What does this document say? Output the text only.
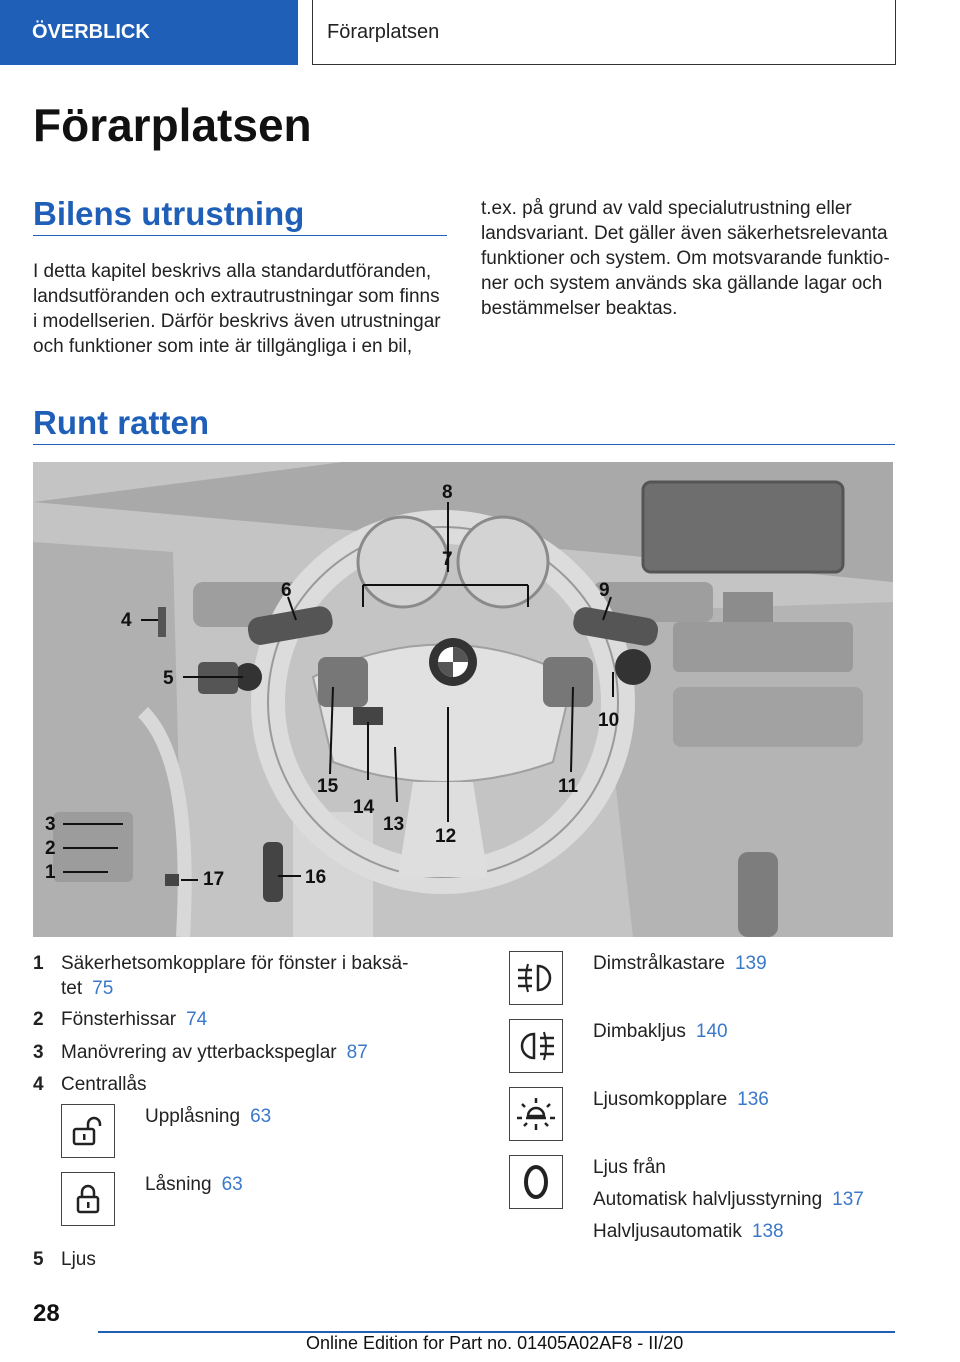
ÖVERBLICK	Förarplatsen
Förarplatsen
Bilens utrustning
I detta kapitel beskrivs alla standardutföranden,
landsutföranden och extrautrustningar som finns
i modellserien. Därför beskrivs även utrustningar
och funktioner som inte är tillgängliga i en bil,
t.ex. på grund av vald specialutrustning eller
landsvariant. Det gäller även säkerhetsrelevanta
funktioner och system. Om motsvarande funktio-
ner och system används ska gällande lagar och
bestämmelser beaktas.
Runt ratten
1
2
3
4
5
6
7
8
9
10
11
12
13
14
15
16
17
1 Säkerhetsomkopplare för fönster i baksä-
tet 75
2 Fönsterhissar 74
3 Manövrering av ytterbackspeglar 87
4 Centrallås
Upplåsning 63
Låsning 63
5 Ljus
Dimstrålkastare 139
Dimbakljus 140
Ljusomkopplare 136
Ljus från
Automatisk halvljusstyrning 137
Halvljusautomatik 138
28
Online Edition for Part no. 01405A02AF8 - II/20
